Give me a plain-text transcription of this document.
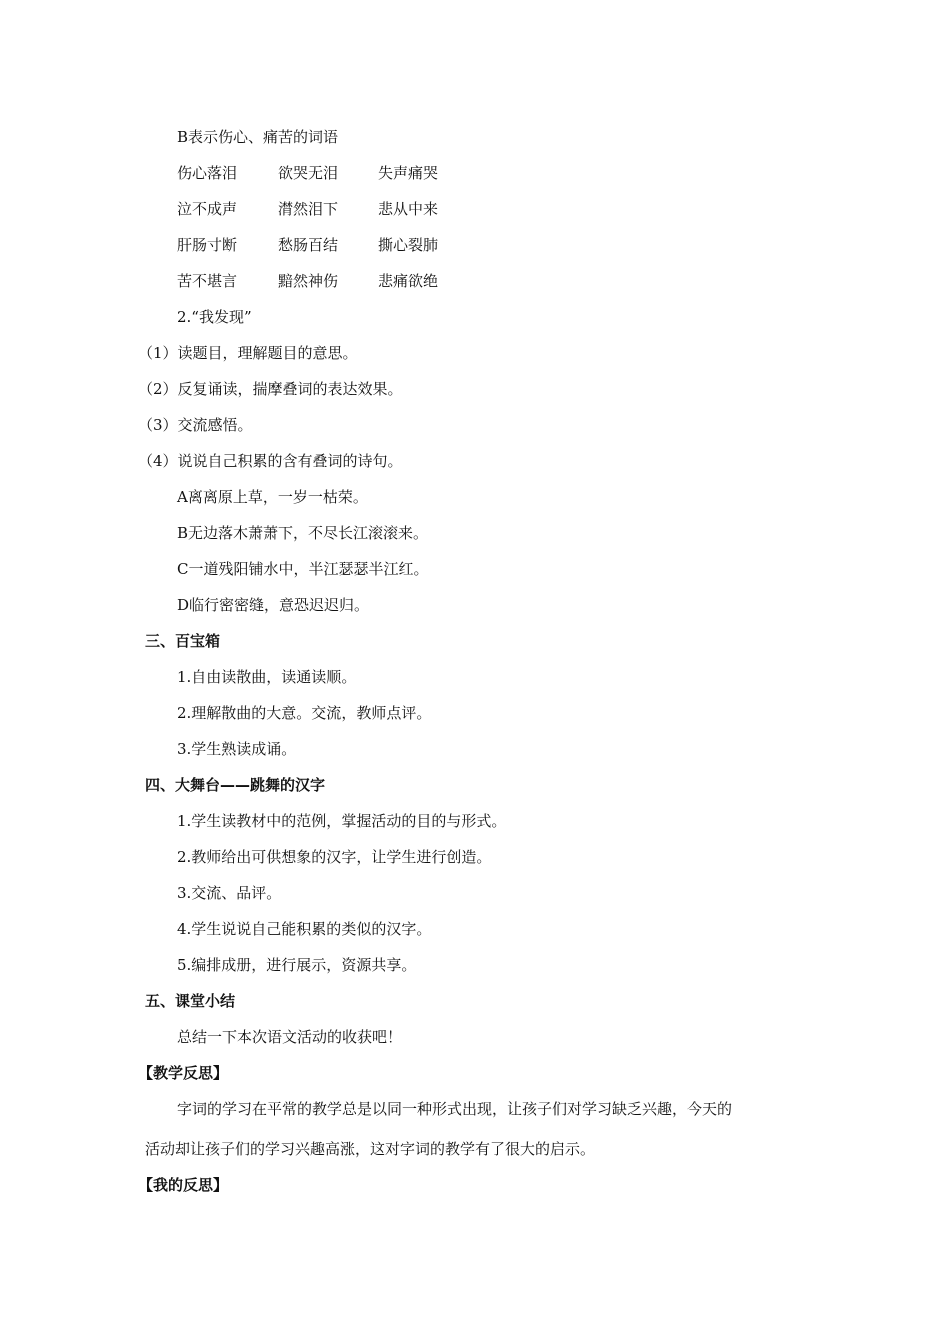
B表示伤心、痛苦的词语
伤心落泪	欲哭无泪	失声痛哭
泣不成声	潸然泪下	悲从中来
肝肠寸断	愁肠百结	撕心裂肺
苦不堪言	黯然神伤	悲痛欲绝
2.“我发现”
（1）读题目，理解题目的意思。
（2）反复诵读，揣摩叠词的表达效果。
（3）交流感悟。
（4）说说自己积累的含有叠词的诗句。
A离离原上草，一岁一枯荣。
B无边落木萧萧下，不尽长江滚滚来。
C一道残阳铺水中，半江瑟瑟半江红。
D临行密密缝，意恐迟迟归。
三、百宝箱
1.自由读散曲，读通读顺。
2.理解散曲的大意。交流，教师点评。
3.学生熟读成诵。
四、大舞台——跳舞的汉字
1.学生读教材中的范例，掌握活动的目的与形式。
2.教师给出可供想象的汉字，让学生进行创造。
3.交流、品评。
4.学生说说自己能积累的类似的汉字。
5.编排成册，进行展示，资源共享。
五、课堂小结
总结一下本次语文活动的收获吧！
【教学反思】
字词的学习在平常的教学总是以同一种形式出现，让孩子们对学习缺乏兴趣，今天的
活动却让孩子们的学习兴趣高涨，这对字词的教学有了很大的启示。
【我的反思】
